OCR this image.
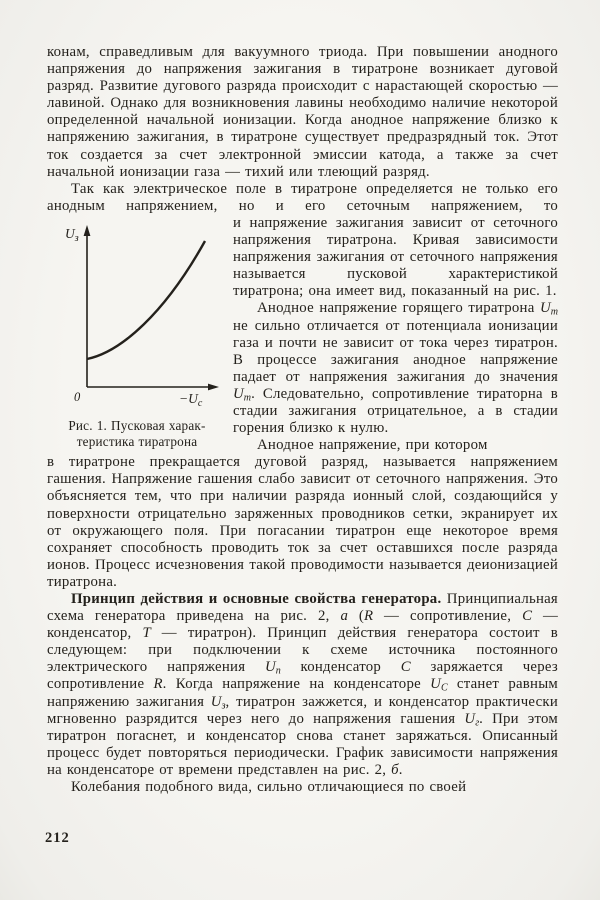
конам, справедливым для вакуумного триода. При повышении анодного напряжения до напряжения зажигания в тиратроне возникает дуговой разряд. Развитие дугового разряда происходит с нарастающей скоростью — лавиной. Однако для возникновения лавины необходимо наличие некоторой определенной начальной ионизации. Когда анодное напряжение близко к напряжению зажигания, в тиратроне существует предразрядный ток. Этот ток создается за счет электронной эмиссии катода, а также за счет начальной ионизации газа — тихий или тлеющий разряд.

Так как электрическое поле в тиратроне определяется не только его анодным напряжением, но и его сеточным напряжением, то

$U_з$
0	$-U_с$
Рис. 1. Пусковая харак-
теристика тиратрона

и напряжение зажигания зависит от сеточного напряжения тиратрона. Кривая зависимости напряжения зажигания от сеточного напряжения называется пусковой характеристикой тиратрона; она имеет вид, показанный на рис. 1.

Анодное напряжение горящего тиратрона Uт не сильно отличается от потенциала ионизации газа и почти не зависит от тока через тиратрон. В процессе зажигания анодное напряжение падает от напряжения зажигания до значения Uт. Следовательно, сопротивление тираторна в стадии зажигания отрицательное, а в стадии горения близко к нулю.

Анодное напряжение, при котором

в тиратроне прекращается дуговой разряд, называется напряжением гашения. Напряжение гашения слабо зависит от сеточного напряжения. Это объясняется тем, что при наличии разряда ионный слой, создающийся у поверхности отрицательно заряженных проводников сетки, экранирует их от окружающего поля. При погасании тиратрон еще некоторое время сохраняет способность проводить ток за счет оставшихся после разряда ионов. Процесс исчезновения такой проводимости называется деионизацией тиратрона.

Принцип действия и основные свойства генератора. Принципиальная схема генератора приведена на рис. 2, а (R — сопротивление, C — конденсатор, T — тиратрон). Принцип действия генератора состоит в следующем: при подключении к схеме источника постоянного электрического напряжения Uп конденсатор C заряжается через сопротивление R. Когда напряжение на конденсаторе UC станет равным напряжению зажигания Uз, тиратрон зажжется, и конденсатор практически мгновенно разрядится через него до напряжения гашения Uг. При этом тиратрон погаснет, и конденсатор снова станет заряжаться. Описанный процесс будет повторяться периодически. График зависимости напряжения на конденсаторе от времени представлен на рис. 2, б.

Колебания подобного вида, сильно отличающиеся по своей

212
